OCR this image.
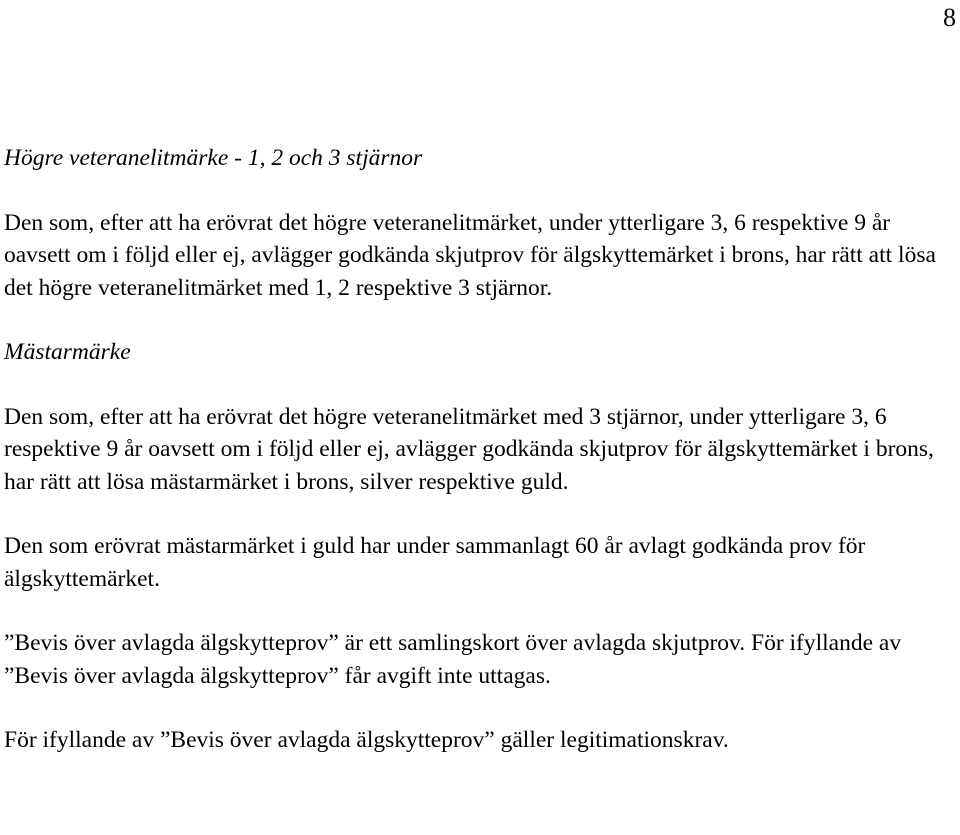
8
Högre veteranelitmärke - 1, 2 och 3 stjärnor

Den som, efter att ha erövrat det högre veteranelitmärket, under ytterligare 3, 6 respektive 9 år oavsett om i följd eller ej, avlägger godkända skjutprov för älgskyttemärket i brons, har rätt att lösa det högre veteranelitmärket med 1, 2 respektive 3 stjärnor.

Mästarmärke

Den som, efter att ha erövrat det högre veteranelitmärket med 3 stjärnor, under ytterligare 3, 6 respektive 9 år oavsett om i följd eller ej, avlägger godkända skjutprov för älgskyttemärket i brons, har rätt att lösa mästarmärket i brons, silver respektive guld.

Den som erövrat mästarmärket i guld har under sammanlagt 60 år avlagt godkända prov för älgskyttemärket.

”Bevis över avlagda älgskytteprov” är ett samlingskort över avlagda skjutprov. För ifyllande av ”Bevis över avlagda älgskytteprov” får avgift inte uttagas.

För ifyllande av ”Bevis över avlagda älgskytteprov” gäller legitimationskrav.
